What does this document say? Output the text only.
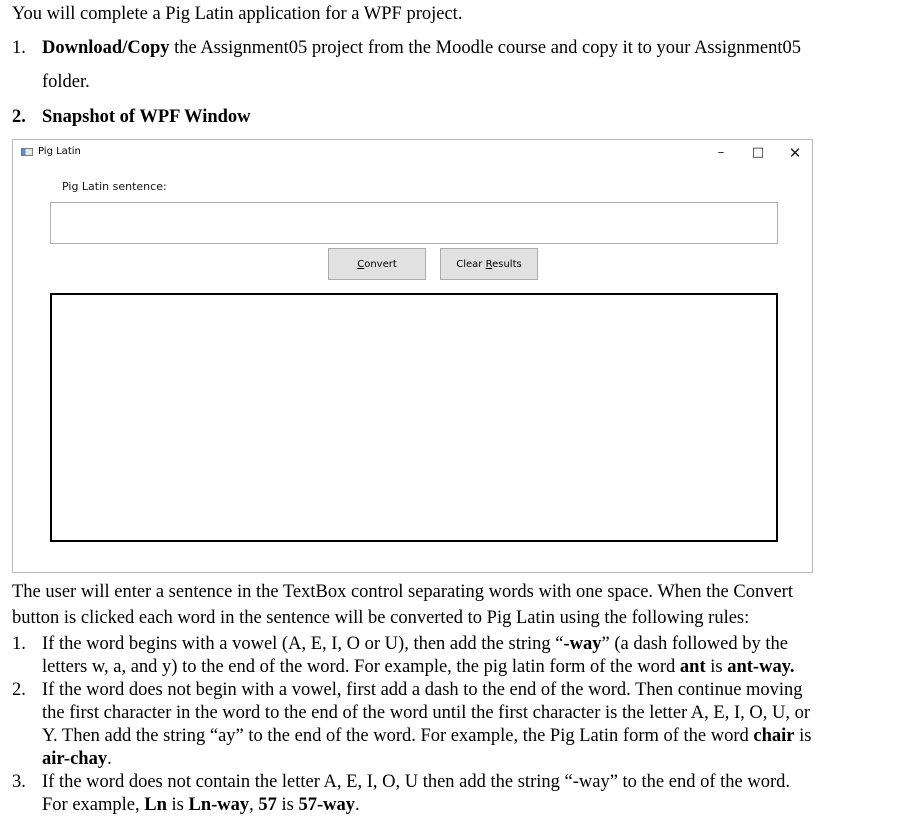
You will complete a Pig Latin application for a WPF project.
1. Download/Copy the Assignment05 project from the Moodle course and copy it to your Assignment05
folder.
2. Snapshot of WPF Window
Pig Latin	–	□	✕
Pig Latin sentence:
Convert	Clear Results
The user will enter a sentence in the TextBox control separating words with one space. When the Convert
button is clicked each word in the sentence will be converted to Pig Latin using the following rules:
1. If the word begins with a vowel (A, E, I, O or U), then add the string “-way” (a dash followed by the
letters w, a, and y) to the end of the word. For example, the pig latin form of the word ant is ant-way.
2. If the word does not begin with a vowel, first add a dash to the end of the word. Then continue moving
the first character in the word to the end of the word until the first character is the letter A, E, I, O, U, or
Y. Then add the string “ay” to the end of the word. For example, the Pig Latin form of the word chair is
air-chay.
3. If the word does not contain the letter A, E, I, O, U then add the string “-way” to the end of the word.
For example, Ln is Ln-way, 57 is 57-way.
